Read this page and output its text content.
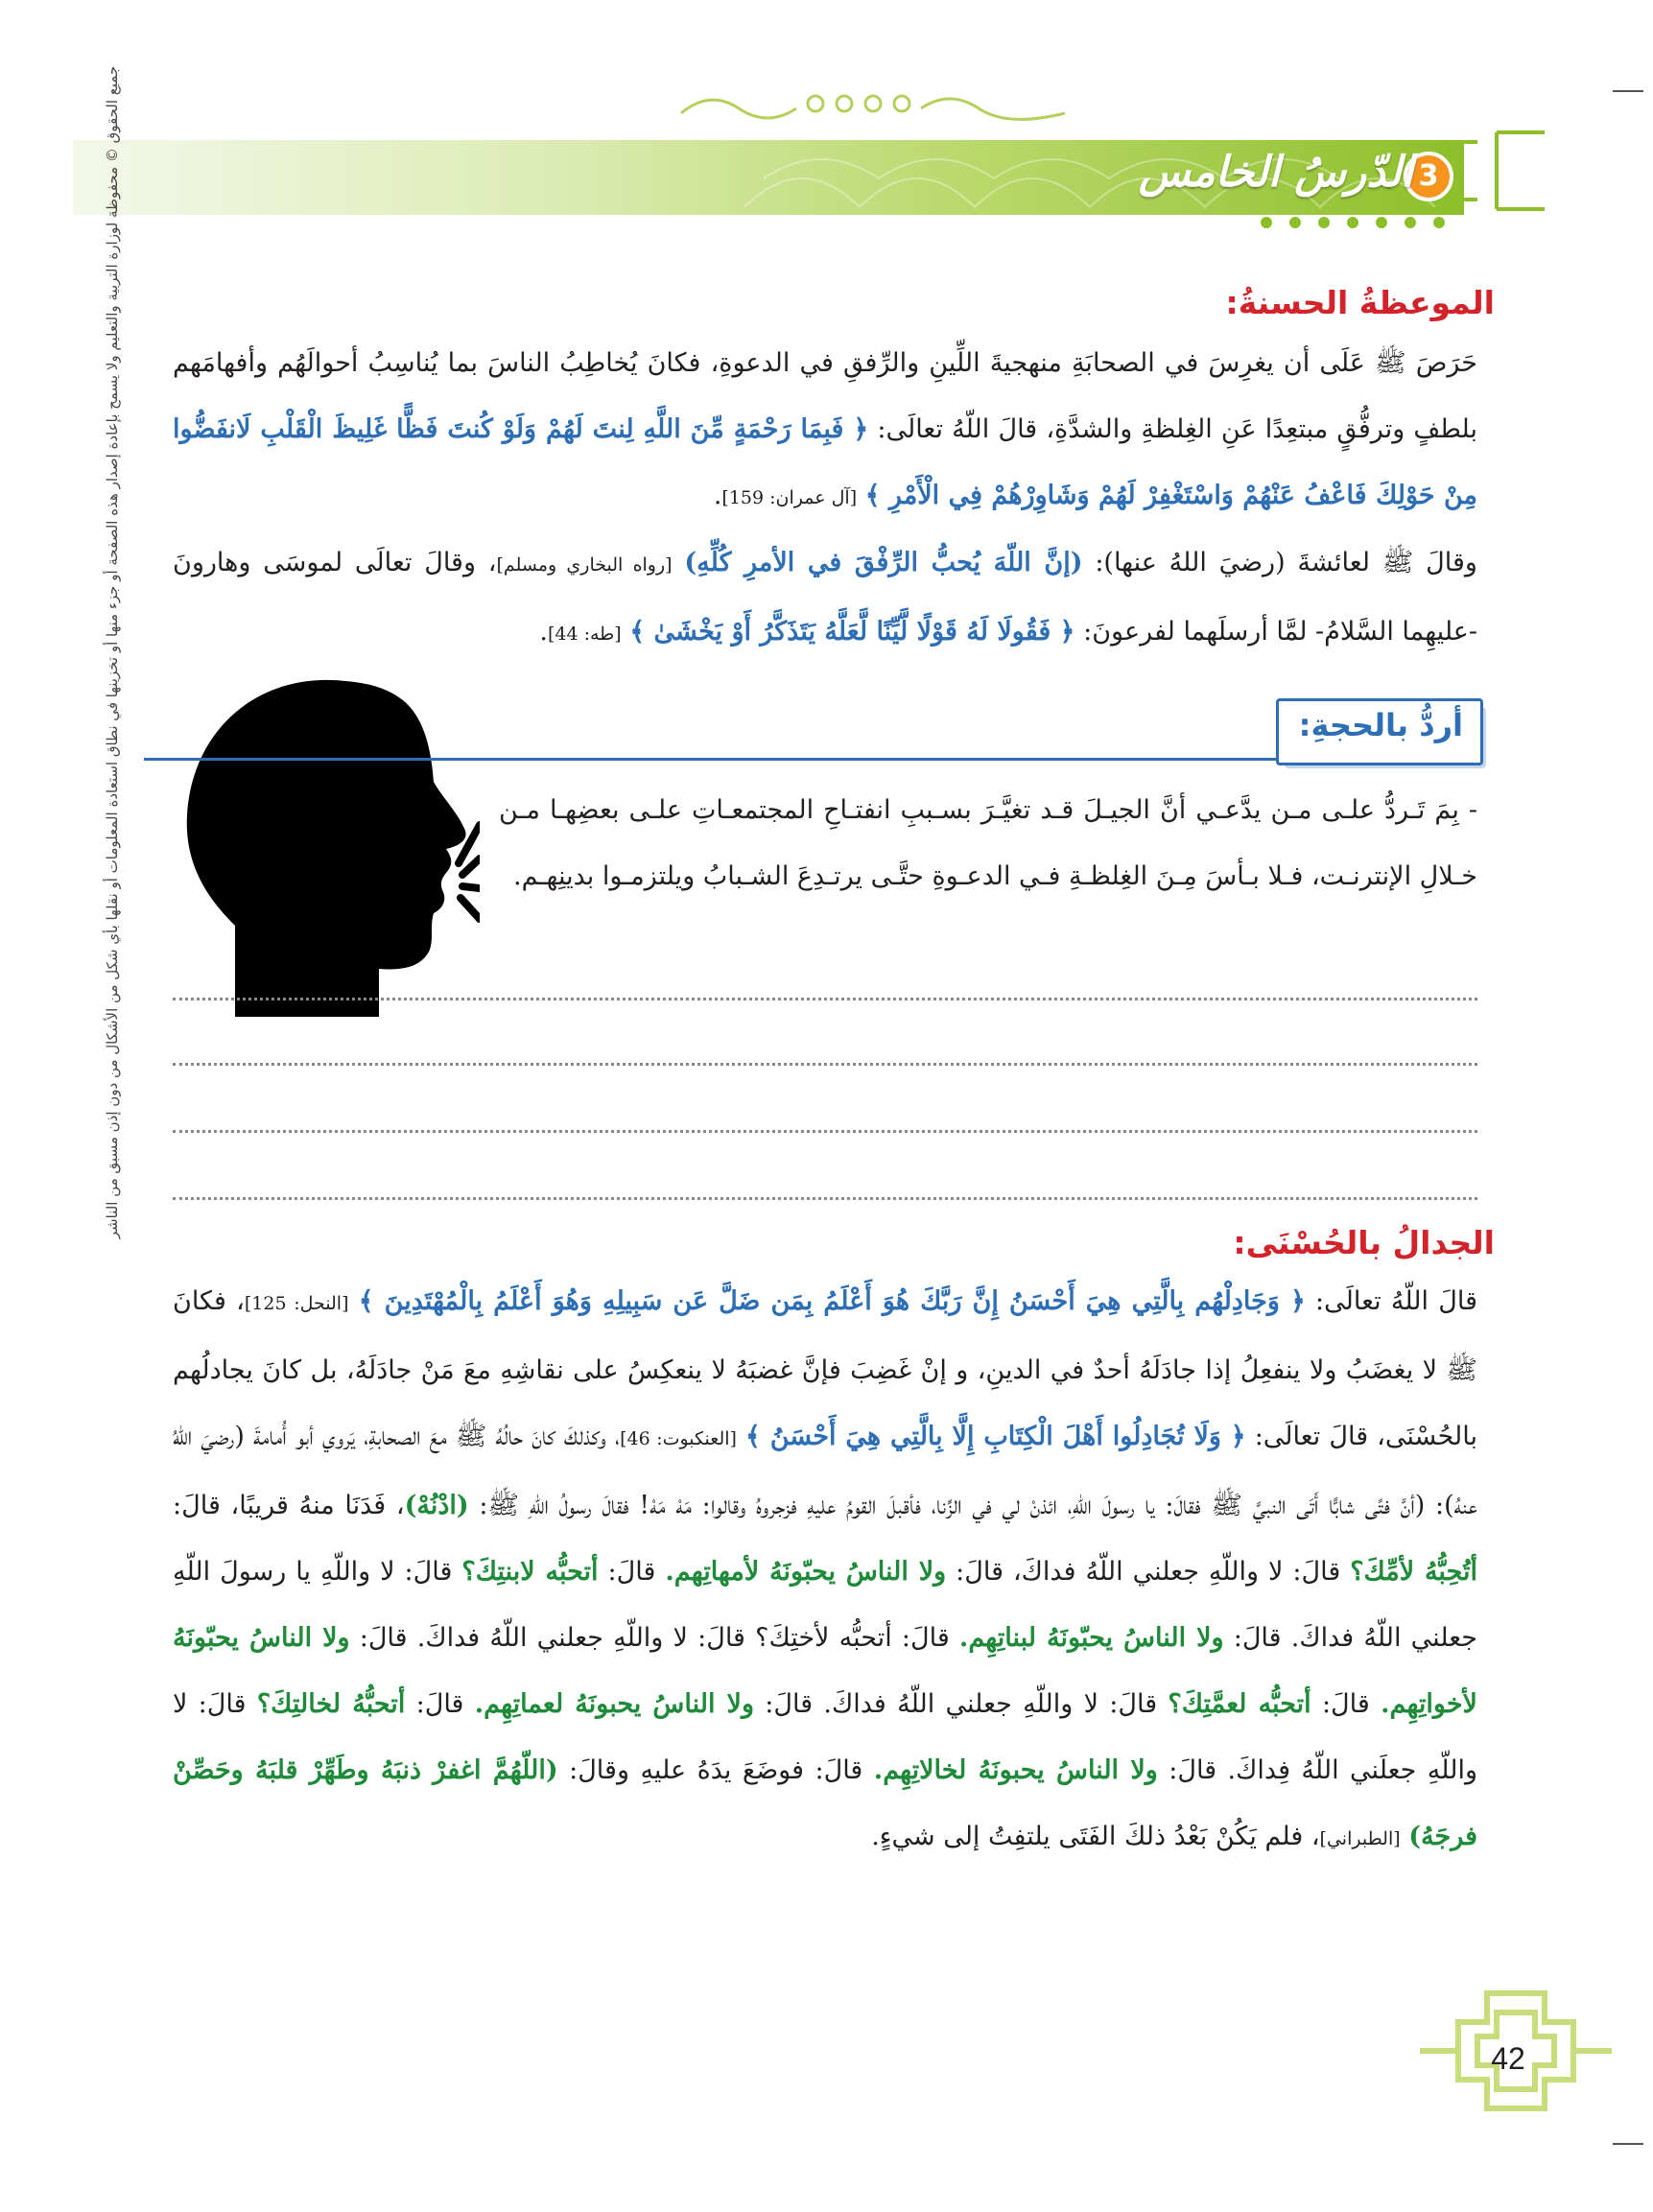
3
الدّرسُ الخامس
جميع الحقوق © محفوظة لوزارة التربية والتعليم ولا يسمح بإعادة إصدار هذه الصفحة أو جزء منها أو تخزينها في نطاق استعادة المعلومات أو نقلها بأي شكل من الأشكال من دون إذن مسبق من الناشر	الموعظةُ الحسنةُ:
حَرَصَ ﷺ عَلَى أن يغرِسَ في الصحابَةِ منهجيةَ اللِّينِ والرِّفقِ في الدعوةِ، فكانَ يُخاطِبُ الناسَ بما يُناسِبُ أحوالَهُم وأفهامَهم بلطفٍ وترفُّقٍ مبتعِدًا عَنِ الغِلظةِ والشدَّةِ، قالَ اللّهُ تعالَى: ﴿ فَبِمَا رَحْمَةٍ مِّنَ اللَّهِ لِنتَ لَهُمْ وَلَوْ كُنتَ فَظًّا غَلِيظَ الْقَلْبِ لَانفَضُّوا مِنْ حَوْلِكَ فَاعْفُ عَنْهُمْ وَاسْتَغْفِرْ لَهُمْ وَشَاوِرْهُمْ فِي الْأَمْرِ ﴾ [آل عمران: 159].
وقالَ ﷺ لعائشةَ (رضيَ اللهُ عنها): (إنَّ اللّهَ يُحبُّ الرِّفْقَ في الأمرِ كُلِّهِ) [رواه البخاري ومسلم]، وقالَ تعالَى لموسَى وهارونَ -عليهِما السَّلامُ- لمَّا أرسلَهما لفرعونَ: ﴿ فَقُولَا لَهُ قَوْلًا لَّيِّنًا لَّعَلَّهُ يَتَذَكَّرُ أَوْ يَخْشَىٰ ﴾ [طه: 44].
أردُّ بالحجةِ:
- بِمَ تَـردُّ علـى مـن يدَّعـي أنَّ الجيـلَ قـد تغيَّـرَ بسـببِ انفتـاحِ المجتمعـاتِ علـى بعضِهـا مـن خـلالِ الإنترنـت، فـلا بـأسَ مِـنَ الغِلظـةِ فـي الدعـوةِ حتَّـى يرتـدِعَ الشـبابُ ويلتزمـوا بدينِهـم.
الجدالُ بالحُسْنَى:
قالَ اللّهُ تعالَى: ﴿ وَجَادِلْهُم بِالَّتِي هِيَ أَحْسَنُ إِنَّ رَبَّكَ هُوَ أَعْلَمُ بِمَن ضَلَّ عَن سَبِيلِهِ وَهُوَ أَعْلَمُ بِالْمُهْتَدِينَ ﴾ [النحل: 125]، فكانَ ﷺ لا يغضَبُ ولا ينفعِلُ إذا جادَلَهُ أحدٌ في الدينِ، و إنْ غَضِبَ فإنَّ غضبَهُ لا ينعكِسُ على نقاشِهِ معَ مَنْ جادَلَهُ، بل كانَ يجادلُهم بالحُسْنَى، قالَ تعالَى: ﴿ وَلَا تُجَادِلُوا أَهْلَ الْكِتَابِ إِلَّا بِالَّتِي هِيَ أَحْسَنُ ﴾ [العنكبوت: 46]، وكذلكَ كانَ حالُهُ ﷺ معَ الصحابةِ، يَروي أبو أُمامةَ (رضيَ اللهُ عنهُ): (أنَّ فتًى شابًّا أَتَى النبيَّ ﷺ فقالَ: يا رسولَ اللّهِ، ائذنْ لي في الزِّنا، فأقبلَ القومُ عليهِ فزجروهُ وقالوا: مَهْ مَهْ! فقالَ رسولُ اللّهِ ﷺ: (ادْنُهْ)، فَدَنَا منهُ قريبًا، قالَ: أتُحِبُّهُ لأمِّكَ؟ قالَ: لا واللّهِ جعلني اللّهُ فداكَ، قالَ: ولا الناسُ يحبّونَهُ لأمهاتِهم. قالَ: أتحبُّه لابنتِكَ؟ قالَ: لا واللّهِ يا رسولَ اللّهِ جعلني اللّهُ فداكَ. قالَ: ولا الناسُ يحبّونَهُ لبناتِهِم. قالَ: أتحبُّه لأختِكَ؟ قالَ: لا واللّهِ جعلني اللّهُ فداكَ. قالَ: ولا الناسُ يحبّونَهُ لأخواتِهِم. قالَ: أتحبُّه لعمَّتِكَ؟ قالَ: لا واللّهِ جعلني اللّهُ فداكَ. قالَ: ولا الناسُ يحبونَهُ لعماتِهِم. قالَ: أتحبُّهُ لخالتِكَ؟ قالَ: لا واللّهِ جعلَني اللّهُ فِداكَ. قالَ: ولا الناسُ يحبونَهُ لخالاتِهِم. قالَ: فوضَعَ يدَهُ عليهِ وقالَ: (اللّهُمَّ اغفرْ ذنبَهُ وطَهِّرْ قلبَهُ وحَصِّنْ فرجَهُ) [الطبراني]، فلم يَكُنْ بَعْدُ ذلكَ الفَتَى يلتفِتُ إلى شيءٍ.
42
